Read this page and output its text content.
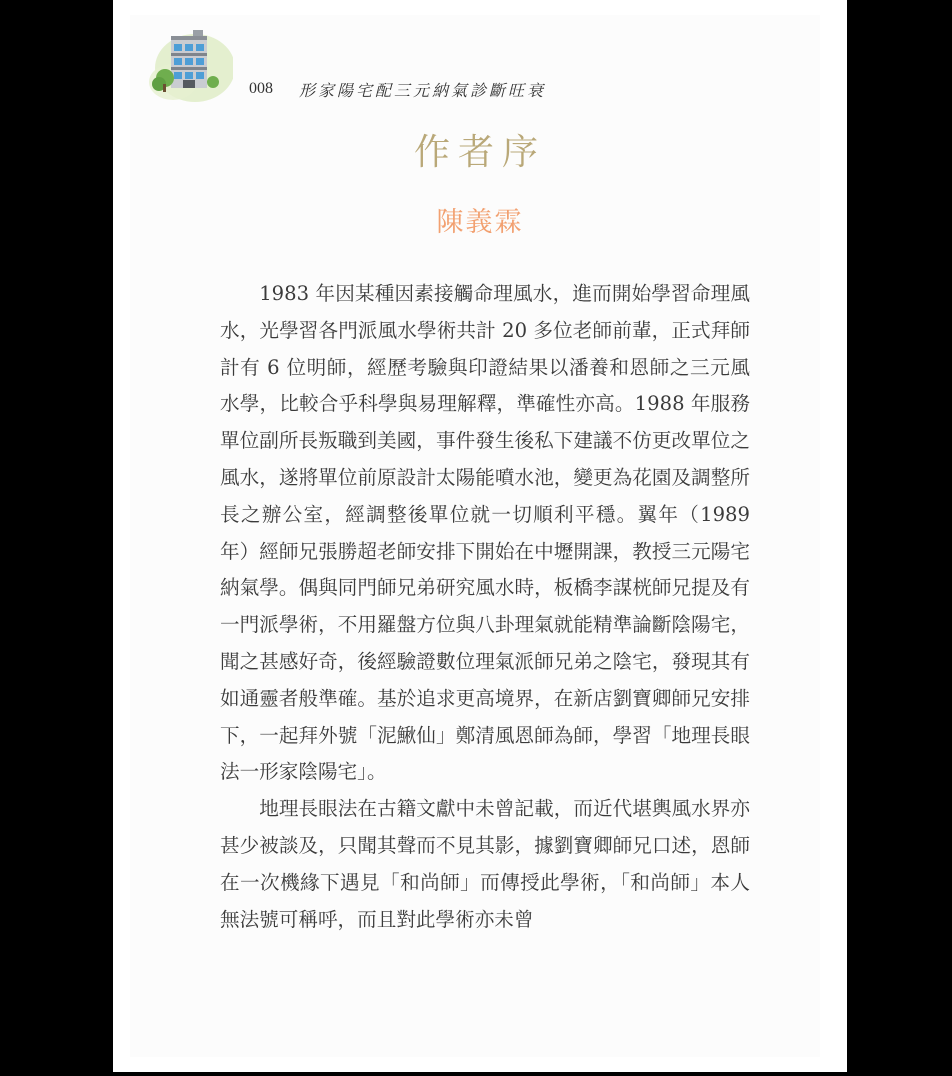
008 形家陽宅配三元納氣診斷旺衰
作者序
陳義霖

1983 年因某種因素接觸命理風水，進而開始學習命理風水，光學習各門派風水學術共計 20 多位老師前輩，正式拜師計有 6 位明師，經歷考驗與印證結果以潘養和恩師之三元風水學，比較合乎科學與易理解釋，準確性亦高。1988 年服務單位副所長叛職到美國，事件發生後私下建議不仿更改單位之風水，遂將單位前原設計太陽能噴水池，變更為花園及調整所長之辦公室，經調整後單位就一切順利平穩。翼年（1989 年）經師兄張勝超老師安排下開始在中壢開課，教授三元陽宅納氣學。偶與同門師兄弟研究風水時，板橋李謀桄師兄提及有一門派學術，不用羅盤方位與八卦理氣就能精準論斷陰陽宅，聞之甚感好奇，後經驗證數位理氣派師兄弟之陰宅，發現其有如通靈者般準確。基於追求更高境界，在新店劉寶卿師兄安排下，一起拜外號「泥鰍仙」鄭清風恩師為師，學習「地理長眼法一形家陰陽宅」。

地理長眼法在古籍文獻中未曾記載，而近代堪輿風水界亦甚少被談及，只聞其聲而不見其影，據劉寶卿師兄口述，恩師在一次機緣下遇見「和尚師」而傳授此學術，「和尚師」本人無法號可稱呼，而且對此學術亦未曾
